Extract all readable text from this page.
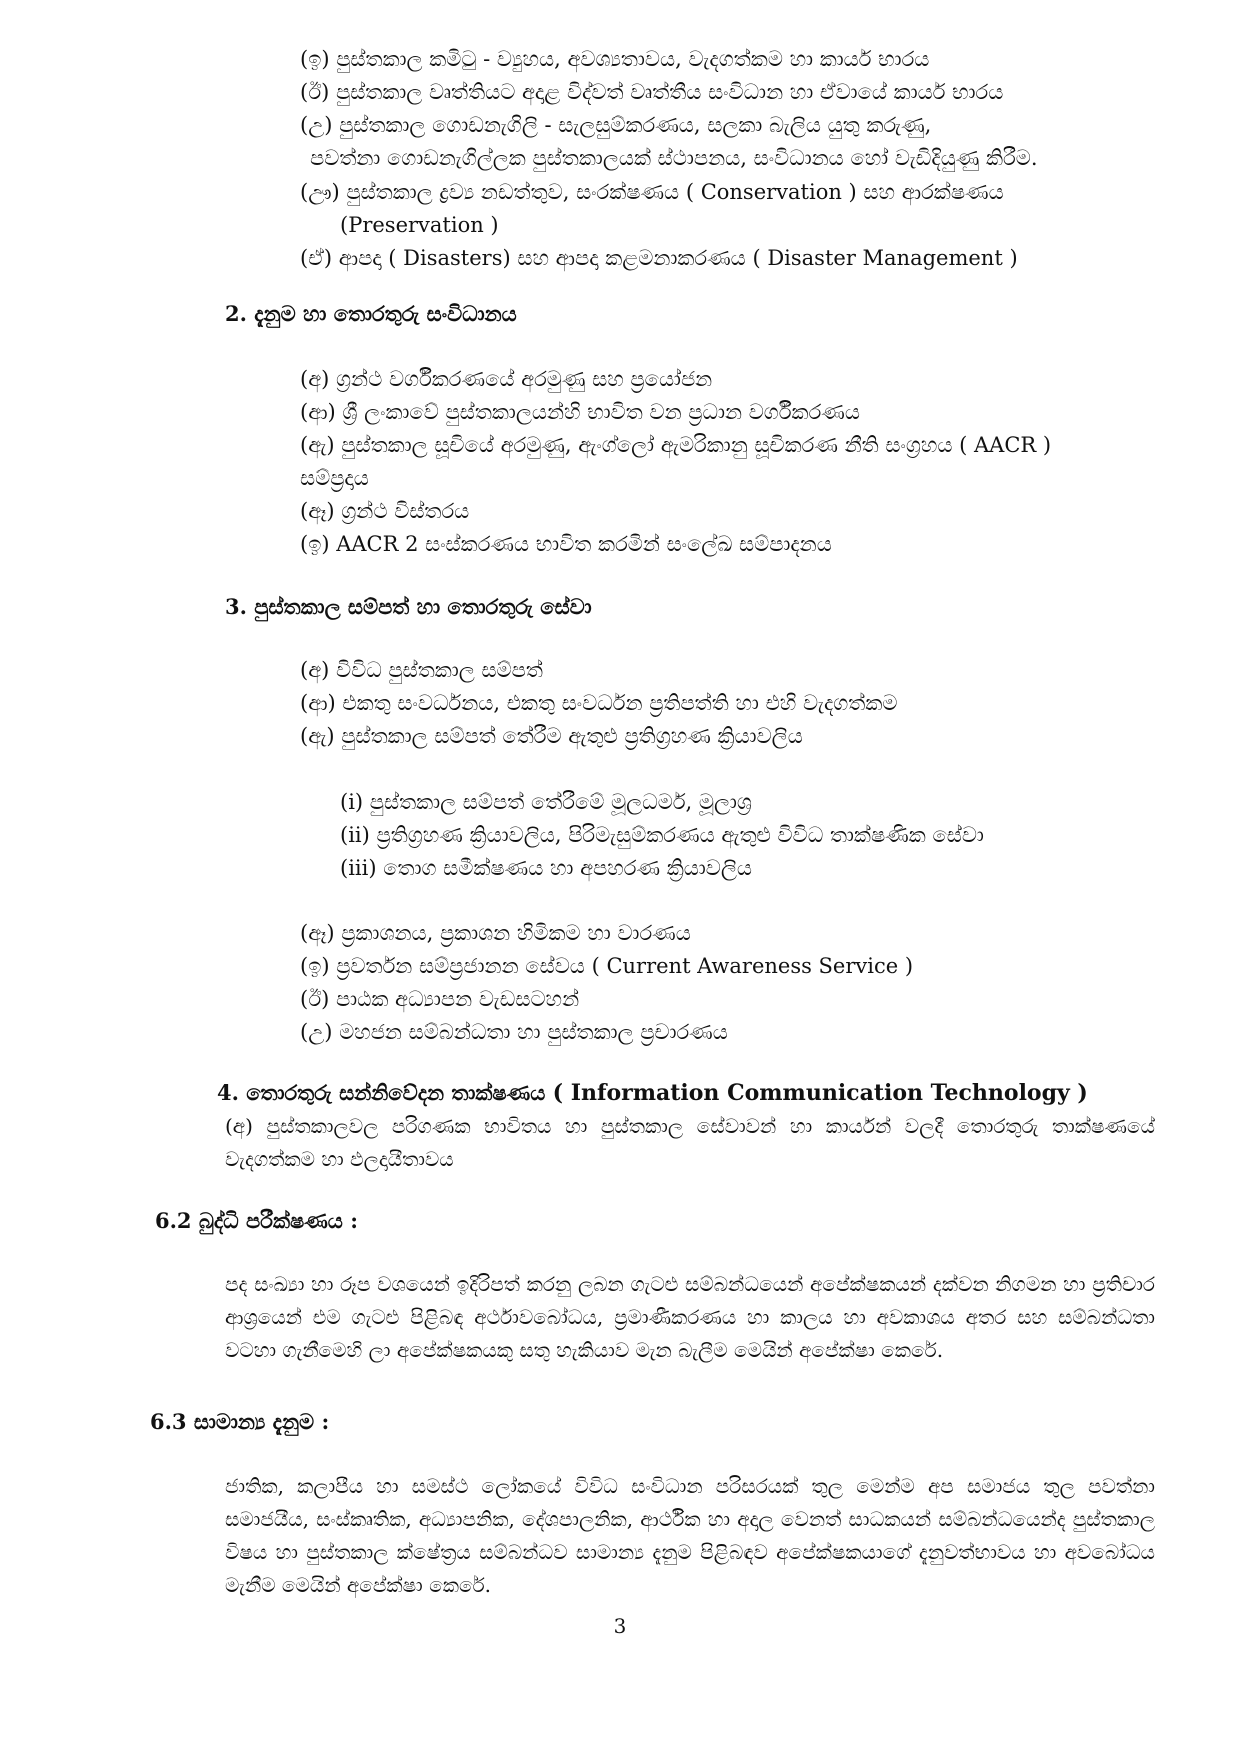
(ඉ) පුස්තකාල කමිටු - ව්‍යුහය, අවශ්‍යතාවය, වැදගත්කම හා කාර්ය භාරය
(ඊ) පුස්තකාල වෘත්තියට අදාළ විද්වත් වෘත්තීය සංවිධාන හා ඒවායේ කාර්ය භාරය
(උ) පුස්තකාල ගොඩනැගිලි - සැලසුම්කරණය, සලකා බැලිය යුතු කරුණු,
පවත්නා ගොඩනැගිල්ලක පුස්තකාලයක් ස්ථාපනය, සංවිධානය හෝ වැඩිදියුණු කිරීම.
(ඌ) පුස්තකාල ද්‍රව්‍ය නඩත්තුව, සංරක්ෂණය ( Conservation ) සහ ආරක්ෂණය
(Preservation )
(ඒ) ආපදා ( Disasters) සහ ආපදා කළමනාකරණය ( Disaster Management )
2. දැනුම හා තොරතුරු සංවිධානය
(අ) ග්‍රන්ථ වර්ගීකරණයේ අරමුණු සහ ප්‍රයෝජන
(ආ) ශ්‍රී ලංකාවේ පුස්තකාලයන්හි භාවිත වන ප්‍රධාන වර්ගීකරණය
(ඇ) පුස්තකාල සූචියේ අරමුණු, ඇංග්ලෝ ඇමරිකානු සූචිකරණ නීති සංග්‍රහය ( AACR )
සම්ප්‍රදාය
(ඈ) ග්‍රන්ථ විස්තරය
(ඉ) AACR 2 සංස්කරණය භාවිත කරමින් සංලේඛ සම්පාදනය
3. පුස්තකාල සම්පත් හා තොරතුරු සේවා
(අ) විවිධ පුස්තකාල සම්පත්
(ආ) එකතු සංවර්ධනය, එකතු සංවර්ධන ප්‍රතිපත්ති හා එහි වැදගත්කම
(ඇ) පුස්තකාල සම්පත් තේරීම ඇතුළු ප්‍රතිග්‍රහණ ක්‍රියාවලිය
(i) පුස්තකාල සම්පත් තේරීමේ මූලධර්ම, මූලාශ්‍ර
(ii) ප්‍රතිග්‍රහණ ක්‍රියාවලිය, පිරිමැසුම්කරණය ඇතුළු විවිධ තාක්ෂණික සේවා
(iii) තොග සමීක්ෂණය හා අපහරණ ක්‍රියාවලිය
(ඈ) ප්‍රකාශනය, ප්‍රකාශන හිමිකම හා වාරණය
(ඉ) ප්‍රවර්තන සම්ප්‍රජානන සේවය ( Current Awareness Service )
(ඊ) පාඨක අධ්‍යාපන වැඩසටහන්
(උ) මහජන සම්බන්ධතා හා පුස්තකාල ප්‍රචාරණය
4. තොරතුරු සන්නිවේදන තාක්ෂණය ( Information Communication Technology )
(අ) පුස්තකාලවල පරිගණක භාවිතය හා පුස්තකාල සේවාවන් හා කාර්යන් වලදී තොරතුරු තාක්ෂණයේ වැදගත්කම හා ඵලදායීතාවය
6.2 බුද්ධි පරීක්ෂණය :
පද සංඛ්‍යා හා රූප වශයෙන් ඉදිරිපත් කරනු ලබන ගැටළු සම්බන්ධයෙන් අපේක්ෂකයන් දක්වන නිගමන හා ප්‍රතිචාර ආශ්‍රයෙන් එම ගැටළු පිළිබඳ අර්ථාවබෝධය, ප්‍රමාණීකරණය හා කාලය හා අවකාශය අතර සහ සම්බන්ධතා වටහා ගැනීමෙහි ලා අපේක්ෂකයකු සතු හැකියාව මැන බැලීම මෙයින් අපේක්ෂා කෙරේ.
6.3 සාමාන්‍ය දැනුම :
ජාතික, කලාපීය හා සමස්ථ ලෝකයේ විවිධ සංවිධාන පරිසරයක් තුල මෙන්ම අප සමාජය තුල පවත්නා සමාජයීය, සංස්කෘතික, අධ්‍යාපනික, දේශපාලනික, ආර්ථික හා අදාල වෙනත් සාධකයන් සම්බන්ධයෙන්ද පුස්තකාල විෂය හා පුස්තකාල ක්ෂේත්‍රය සම්බන්ධව සාමාන්‍ය දැනුම පිළිබඳව අපේක්ෂකයාගේ දැනුවත්භාවය හා අවබෝධය මැනීම මෙයින් අපේක්ෂා කෙරේ.
3
